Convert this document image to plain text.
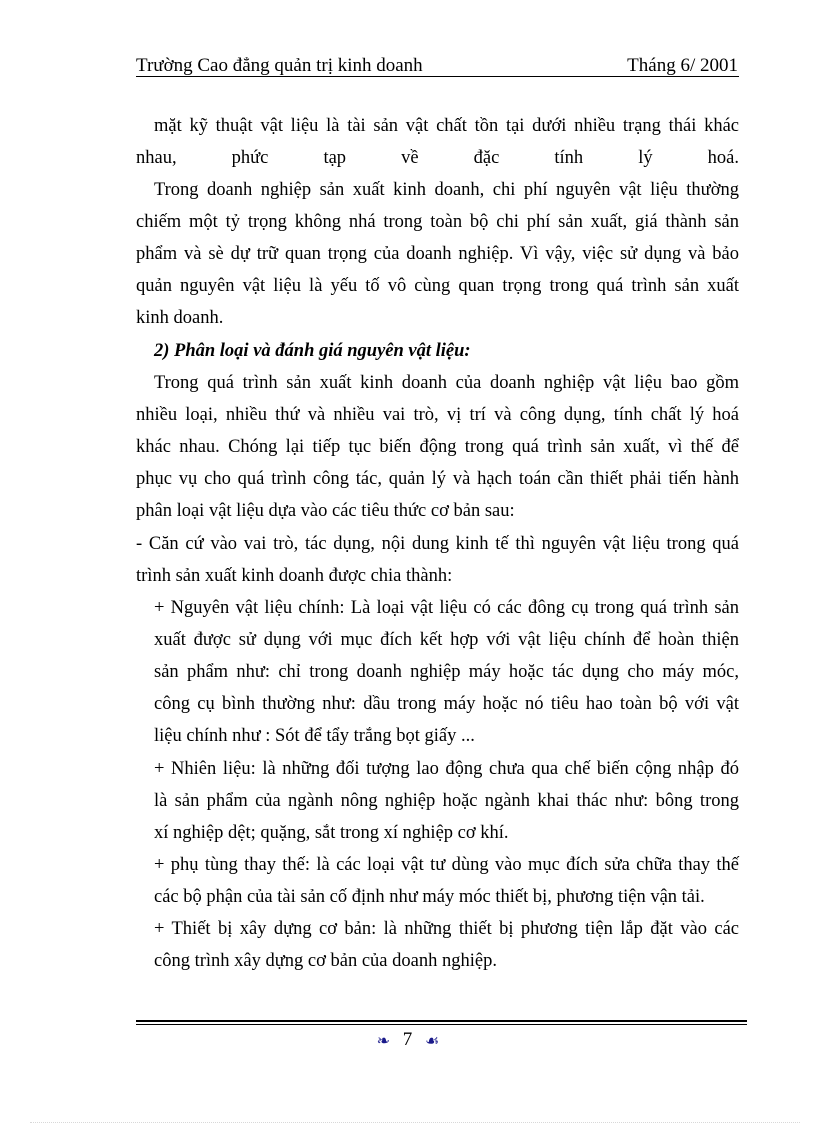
Trường Cao đẳng quản trị kinh doanh	Tháng 6/ 2001
mặt kỹ thuật vật liệu là tài sản vật chất tồn tại dưới nhiều trạng thái khác
nhau, phức tạp về đặc tính lý hoá.
Trong doanh nghiệp sản xuất kinh doanh, chi phí nguyên vật liệu thường
chiếm một tỷ trọng không nhá trong toàn bộ chi phí sản xuất, giá thành sản
phẩm và sè dự trữ quan trọng của doanh nghiệp. Vì vậy, việc sử dụng và bảo
quản nguyên vật liệu là yếu tố vô cùng quan trọng trong quá trình sản xuất
kinh doanh.
2) Phân loại và đánh giá nguyên vật liệu:
Trong quá trình sản xuất kinh doanh của doanh nghiệp vật liệu bao gồm
nhiều loại, nhiều thứ và nhiều vai trò, vị trí và công dụng, tính chất lý hoá
khác nhau. Chóng lại tiếp tục biến động trong quá trình sản xuất, vì thế để
phục vụ cho quá trình công tác, quản lý và hạch toán cần thiết phải tiến hành
phân loại vật liệu dựa vào các tiêu thức cơ bản sau:
- Căn cứ vào vai trò, tác dụng, nội dung kinh tế thì nguyên vật liệu trong quá
trình sản xuất kinh doanh được chia thành:
+ Nguyên vật liệu chính: Là loại vật liệu có các đông cụ trong quá trình sản
xuất được sử dụng với mục đích kết hợp với vật liệu chính để hoàn thiện
sản phẩm như: chỉ trong doanh nghiệp máy hoặc tác dụng cho máy móc,
công cụ bình thường như: dầu trong máy hoặc nó tiêu hao toàn bộ với vật
liệu chính như : Sót để tẩy trắng bọt giấy ...
+ Nhiên liệu: là những đối tượng lao động chưa qua chế biến cộng nhập đó
là sản phẩm của ngành nông nghiệp hoặc ngành khai thác như: bông trong
xí nghiệp dệt; quặng, sắt trong xí nghiệp cơ khí.
+ phụ tùng thay thế: là các loại vật tư dùng vào mục đích sửa chữa thay thế
các bộ phận của tài sản cố định như máy móc thiết bị, phương tiện vận tải.
+ Thiết bị xây dựng cơ bản: là những thiết bị phương tiện lắp đặt vào các
công trình xây dựng cơ bản của doanh nghiệp.
❧ 7 ☙
